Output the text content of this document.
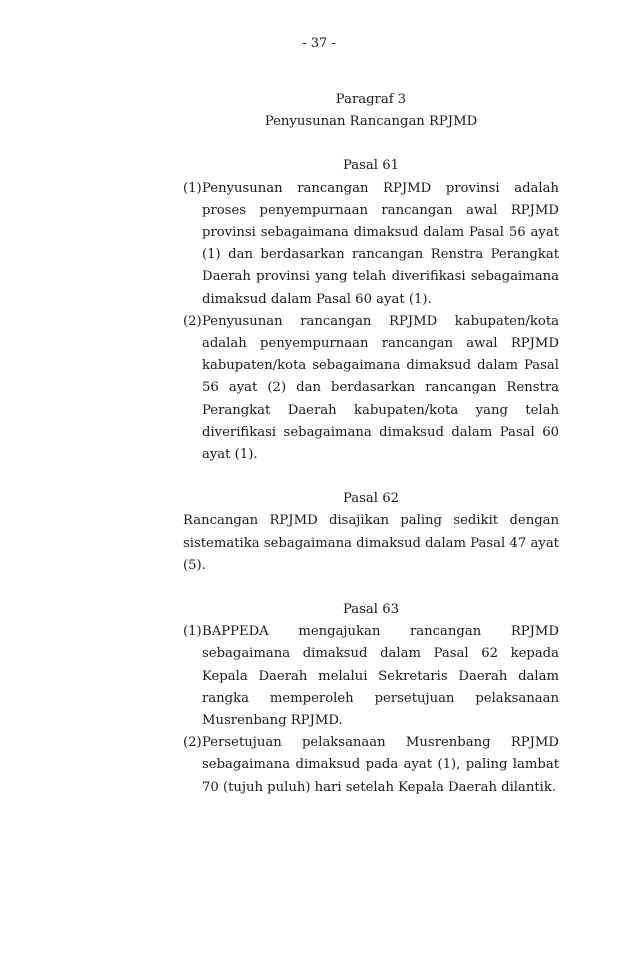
- 37 -

Paragraf 3

Penyusunan Rancangan RPJMD

Pasal 61

(1) Penyusunan rancangan RPJMD provinsi adalah proses penyempurnaan rancangan awal RPJMD provinsi sebagaimana dimaksud dalam Pasal 56 ayat (1) dan berdasarkan rancangan Renstra Perangkat Daerah provinsi yang telah diverifikasi sebagaimana dimaksud dalam Pasal 60 ayat (1).
(2) Penyusunan rancangan RPJMD kabupaten/kota adalah penyempurnaan rancangan awal RPJMD kabupaten/kota sebagaimana dimaksud dalam Pasal 56 ayat (2) dan berdasarkan rancangan Renstra Perangkat Daerah kabupaten/kota yang telah diverifikasi sebagaimana dimaksud dalam Pasal 60 ayat (1).

Pasal 62

Rancangan RPJMD disajikan paling sedikit dengan sistematika sebagaimana dimaksud dalam Pasal 47 ayat (5).

Pasal 63

(1) BAPPEDA mengajukan rancangan RPJMD sebagaimana dimaksud dalam Pasal 62 kepada Kepala Daerah melalui Sekretaris Daerah dalam rangka memperoleh persetujuan pelaksanaan Musrenbang RPJMD.
(2) Persetujuan pelaksanaan Musrenbang RPJMD sebagaimana dimaksud pada ayat (1), paling lambat 70 (tujuh puluh) hari setelah Kepala Daerah dilantik.
